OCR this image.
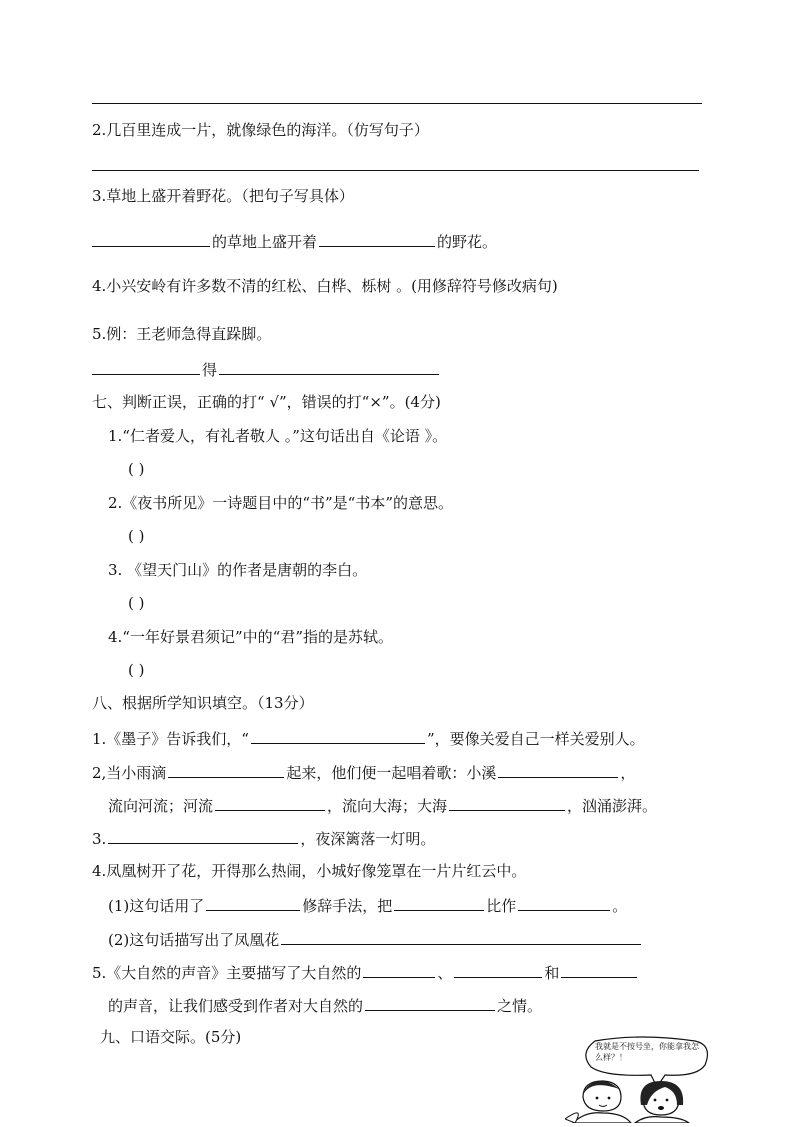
2.几百里连成一片，就像绿色的海洋。（仿写句子）
3.草地上盛开着野花。（把句子写具体）
的草地上盛开着	的野花。
4.小兴安岭有许多数不清的红松、白桦、栎树 。(用修辞符号修改病句)
5.例：王老师急得直跺脚。
得
七、判断正误，正确的打“ √”，错误的打“×”。(4分)
1.“仁者爱人，有礼者敬人 。”这句话出自《论语 》。
( )
2.《夜书所见》一诗题目中的“书”是“书本”的意思。
( )
3. 《望天门山》的作者是唐朝的李白。
( )
4.“一年好景君须记”中的“君”指的是苏轼。
( )
八、根据所学知识填空。（13分）
1.《墨子》告诉我们，“	”，要像关爱自己一样关爱别人。
2,当小雨滴	起来，他们便一起唱着歌：小溪	，
流向河流；河流	，流向大海；大海	，汹涌澎湃。
3.	，夜深篱落一灯明。
4.凤凰树开了花，开得那么热闹，小城好像笼罩在一片片红云中。
(1)这句话用了	修辞手法，把	比作	。
(2)这句话描写出了凤凰花
5.《大自然的声音》主要描写了大自然的	、	和
的声音，让我们感受到作者对大自然的	之情。
九、口语交际。(5分)
我就是不按号坐，你能拿我怎么样？！
